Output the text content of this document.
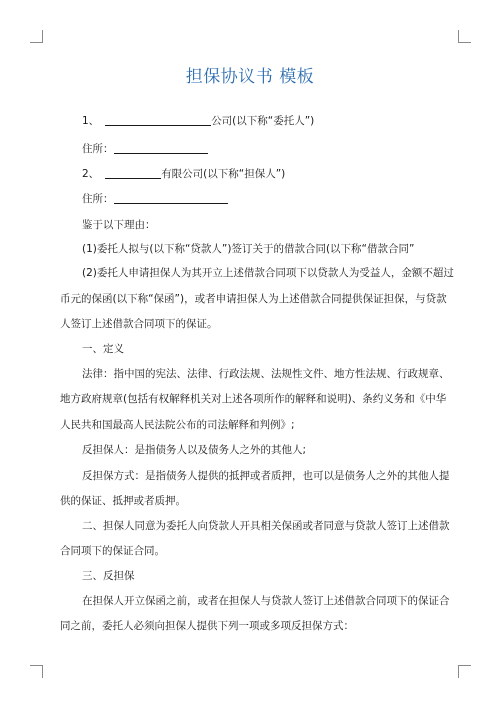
担保协议书 模板
1、	公司(以下称“委托人”)
住所：
2、	有限公司(以下称“担保人”)
住所：
鉴于以下理由：
(1)委托人拟与(以下称“贷款人”)签订关于的借款合同(以下称“借款合同”
(2)委托人申请担保人为其开立上述借款合同项下以贷款人为受益人，金额不超过
币元的保函(以下称“保函”)，或者申请担保人为上述借款合同提供保证担保，与贷款
人签订上述借款合同项下的保证。
一、定义
法律：指中国的宪法、法律、行政法规、法规性文件、地方性法规、行政规章、
地方政府规章(包括有权解释机关对上述各项所作的解释和说明)、条约义务和《中华
人民共和国最高人民法院公布的司法解释和判例》;
反担保人：是指债务人以及债务人之外的其他人;
反担保方式：是指债务人提供的抵押或者质押，也可以是债务人之外的其他人提
供的保证、抵押或者质押。
二、担保人同意为委托人向贷款人开具相关保函或者同意与贷款人签订上述借款
合同项下的保证合同。
三、反担保
在担保人开立保函之前，或者在担保人与贷款人签订上述借款合同项下的保证合
同之前，委托人必须向担保人提供下列一项或多项反担保方式：
